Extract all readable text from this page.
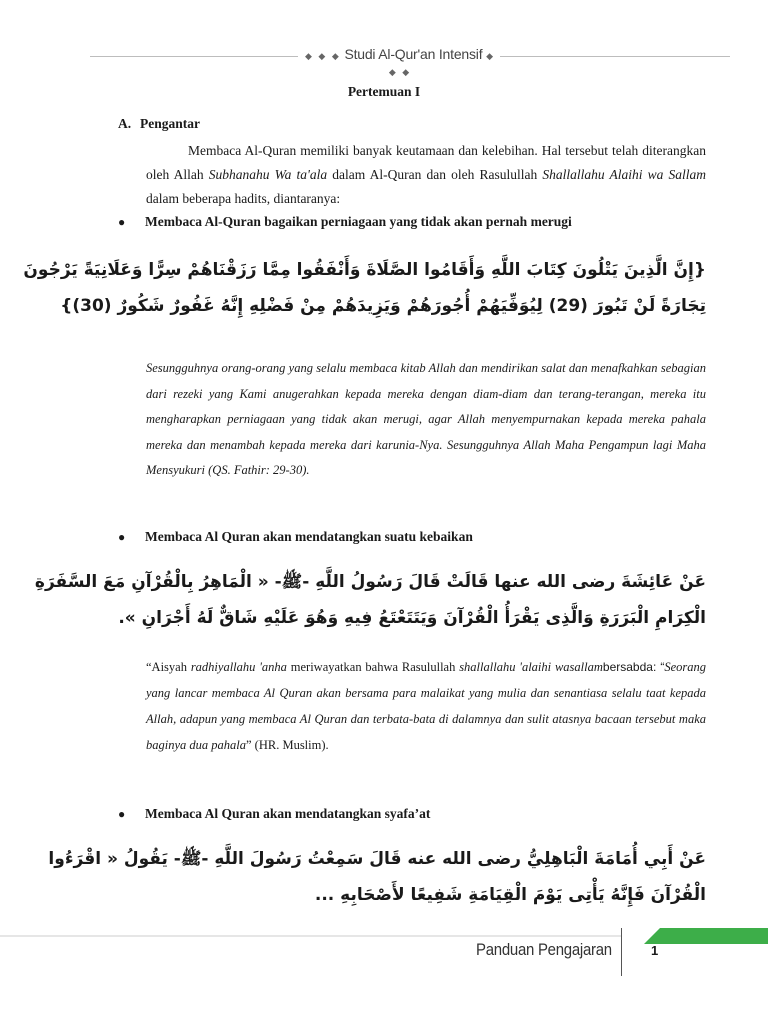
◆ ◆ ◆ Studi Al-Qur'an Intensif ◆ ◆ ◆
Pertemuan I
A. Pengantar
Membaca Al-Quran memiliki banyak keutamaan dan kelebihan. Hal tersebut telah diterangkan oleh Allah Subhanahu Wa ta'ala dalam Al-Quran dan oleh Rasulullah Shallallahu Alaihi wa Sallam dalam beberapa hadits, diantaranya:
● Membaca Al-Quran bagaikan perniagaan yang tidak akan pernah merugi
{إِنَّ الَّذِينَ يَتْلُونَ كِتَابَ اللَّهِ وَأَقَامُوا الصَّلَاةَ وَأَنْفَقُوا مِمَّا رَزَقْنَاهُمْ سِرًّا وَعَلَانِيَةً يَرْجُونَ
تِجَارَةً لَنْ تَبُورَ (29) لِيُوَفِّيَهُمْ أُجُورَهُمْ وَيَزِيدَهُمْ مِنْ فَضْلِهِ إِنَّهُ غَفُورٌ شَكُورٌ (30)}
Sesungguhnya orang-orang yang selalu membaca kitab Allah dan mendirikan salat dan menafkahkan sebagian dari rezeki yang Kami anugerahkan kepada mereka dengan diam-diam dan terang-terangan, mereka itu mengharapkan perniagaan yang tidak akan merugi, agar Allah menyempurnakan kepada mereka pahala mereka dan menambah kepada mereka dari karunia-Nya. Sesungguhnya Allah Maha Pengampun lagi Maha Mensyukuri (QS. Fathir: 29-30).
● Membaca Al Quran akan mendatangkan suatu kebaikan
عَنْ عَائِشَةَ رضى الله عنها قَالَتْ قَالَ رَسُولُ اللَّهِ -ﷺ- « الْمَاهِرُ بِالْقُرْآنِ مَعَ السَّفَرَةِ
الْكِرَامِ الْبَرَرَةِ وَالَّذِى يَقْرَأُ الْقُرْآنَ وَيَتَتَعْتَعُ فِيهِ وَهُوَ عَلَيْهِ شَاقٌّ لَهُ أَجْرَانِ ».
“Aisyah radhiyallahu 'anha meriwayatkan bahwa Rasulullah shallallahu 'alaihi wasallambersabda: “Seorang yang lancar membaca Al Quran akan bersama para malaikat yang mulia dan senantiasa selalu taat kepada Allah, adapun yang membaca Al Quran dan terbata-bata di dalamnya dan sulit atasnya bacaan tersebut maka baginya dua pahala” (HR. Muslim).
● Membaca Al Quran akan mendatangkan syafa’at
عَنْ أَبِي أُمَامَةَ الْبَاهِلِيُّ رضى الله عنه قَالَ سَمِعْتُ رَسُولَ اللَّهِ -ﷺ- يَقُولُ « اقْرَءُوا
الْقُرْآنَ فَإِنَّهُ يَأْتِى يَوْمَ الْقِيَامَةِ شَفِيعًا لأَصْحَابِهِ ...
Panduan Pengajaran	1
